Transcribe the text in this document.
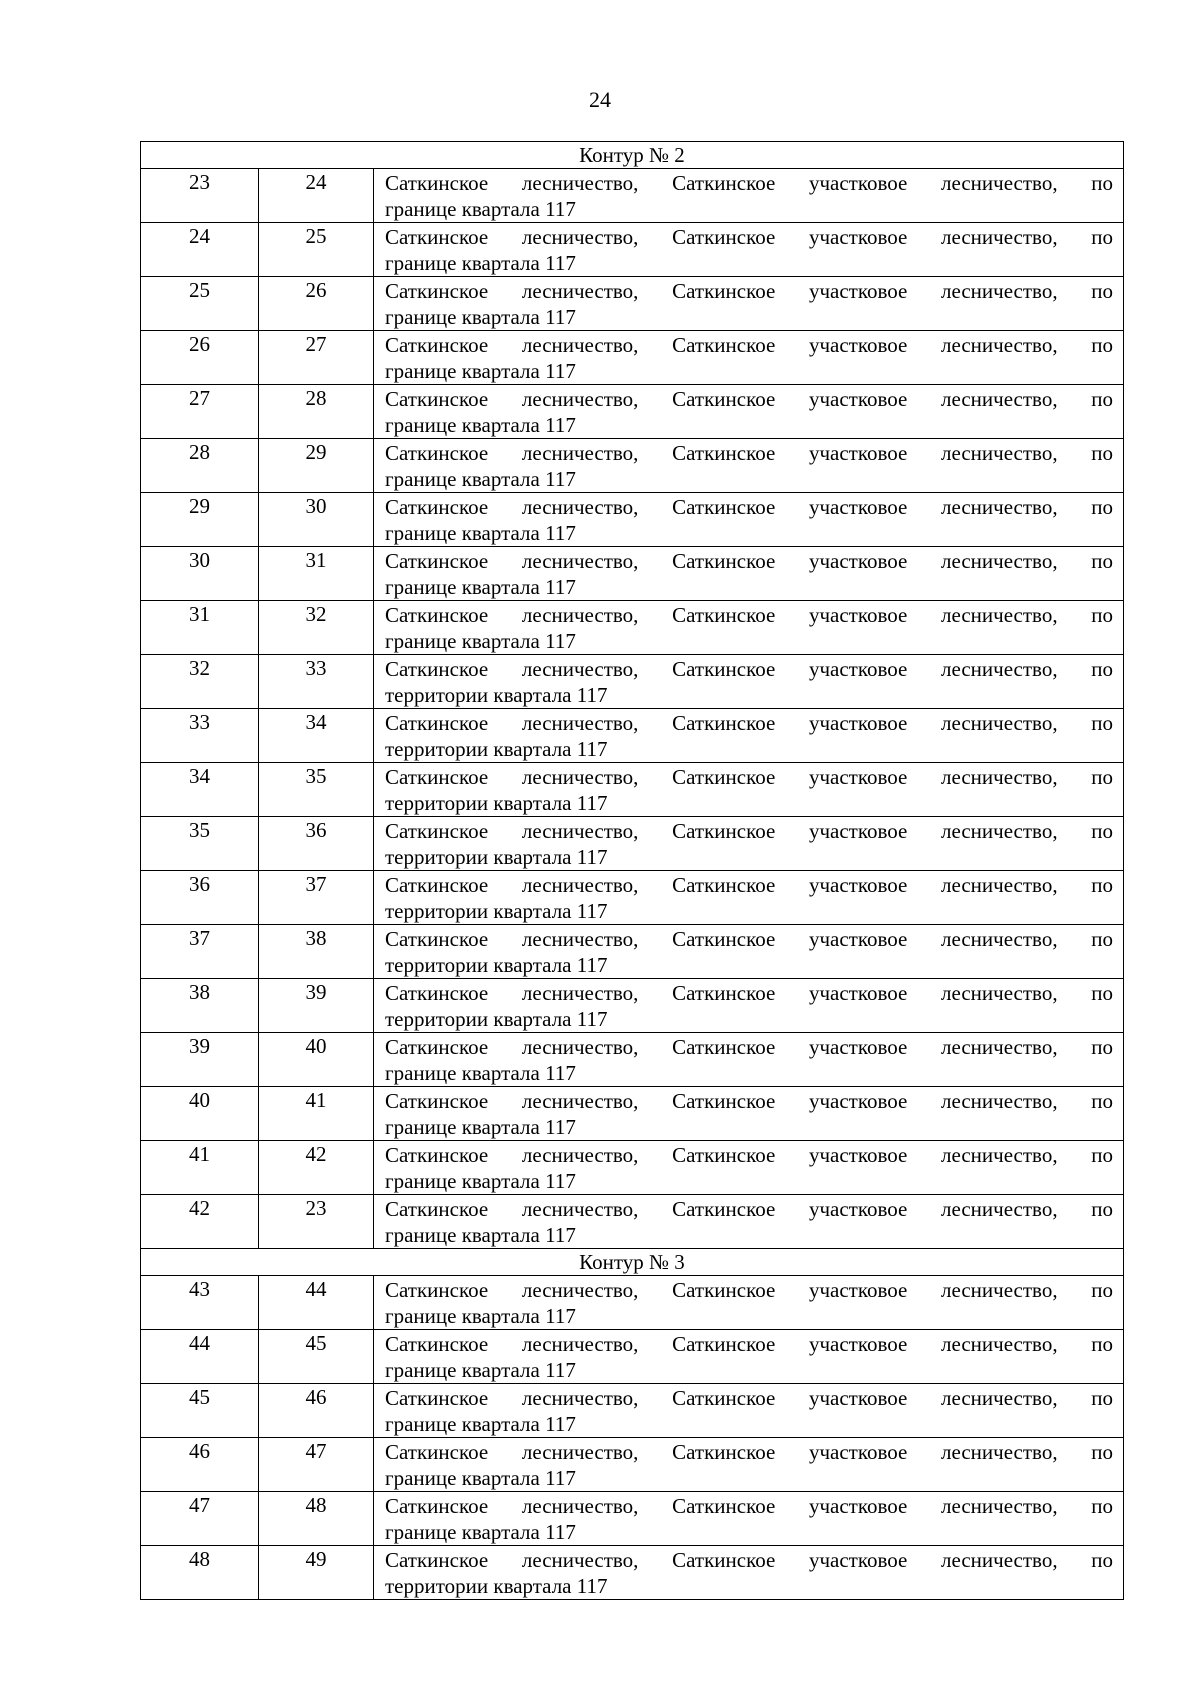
24
Контур № 2		
23	24	Саткинское лесничество, Саткинское участковое лесничество, по
границе квартала 117

24	25	Саткинское лесничество, Саткинское участковое лесничество, по
границе квартала 117

25	26	Саткинское лесничество, Саткинское участковое лесничество, по
границе квартала 117

26	27	Саткинское лесничество, Саткинское участковое лесничество, по
границе квартала 117

27	28	Саткинское лесничество, Саткинское участковое лесничество, по
границе квартала 117

28	29	Саткинское лесничество, Саткинское участковое лесничество, по
границе квартала 117

29	30	Саткинское лесничество, Саткинское участковое лесничество, по
границе квартала 117

30	31	Саткинское лесничество, Саткинское участковое лесничество, по
границе квартала 117

31	32	Саткинское лесничество, Саткинское участковое лесничество, по
границе квартала 117

32	33	Саткинское лесничество, Саткинское участковое лесничество, по
территории квартала 117

33	34	Саткинское лесничество, Саткинское участковое лесничество, по
территории квартала 117

34	35	Саткинское лесничество, Саткинское участковое лесничество, по
территории квартала 117

35	36	Саткинское лесничество, Саткинское участковое лесничество, по
территории квартала 117

36	37	Саткинское лесничество, Саткинское участковое лесничество, по
территории квартала 117

37	38	Саткинское лесничество, Саткинское участковое лесничество, по
территории квартала 117

38	39	Саткинское лесничество, Саткинское участковое лесничество, по
территории квартала 117

39	40	Саткинское лесничество, Саткинское участковое лесничество, по
границе квартала 117

40	41	Саткинское лесничество, Саткинское участковое лесничество, по
границе квартала 117

41	42	Саткинское лесничество, Саткинское участковое лесничество, по
границе квартала 117

42	23	Саткинское лесничество, Саткинское участковое лесничество, по
границе квартала 117

Контур № 3		
43	44	Саткинское лесничество, Саткинское участковое лесничество, по
границе квартала 117

44	45	Саткинское лесничество, Саткинское участковое лесничество, по
границе квартала 117

45	46	Саткинское лесничество, Саткинское участковое лесничество, по
границе квартала 117

46	47	Саткинское лесничество, Саткинское участковое лесничество, по
границе квартала 117

47	48	Саткинское лесничество, Саткинское участковое лесничество, по
границе квартала 117

48	49	Саткинское лесничество, Саткинское участковое лесничество, по
территории квартала 117
